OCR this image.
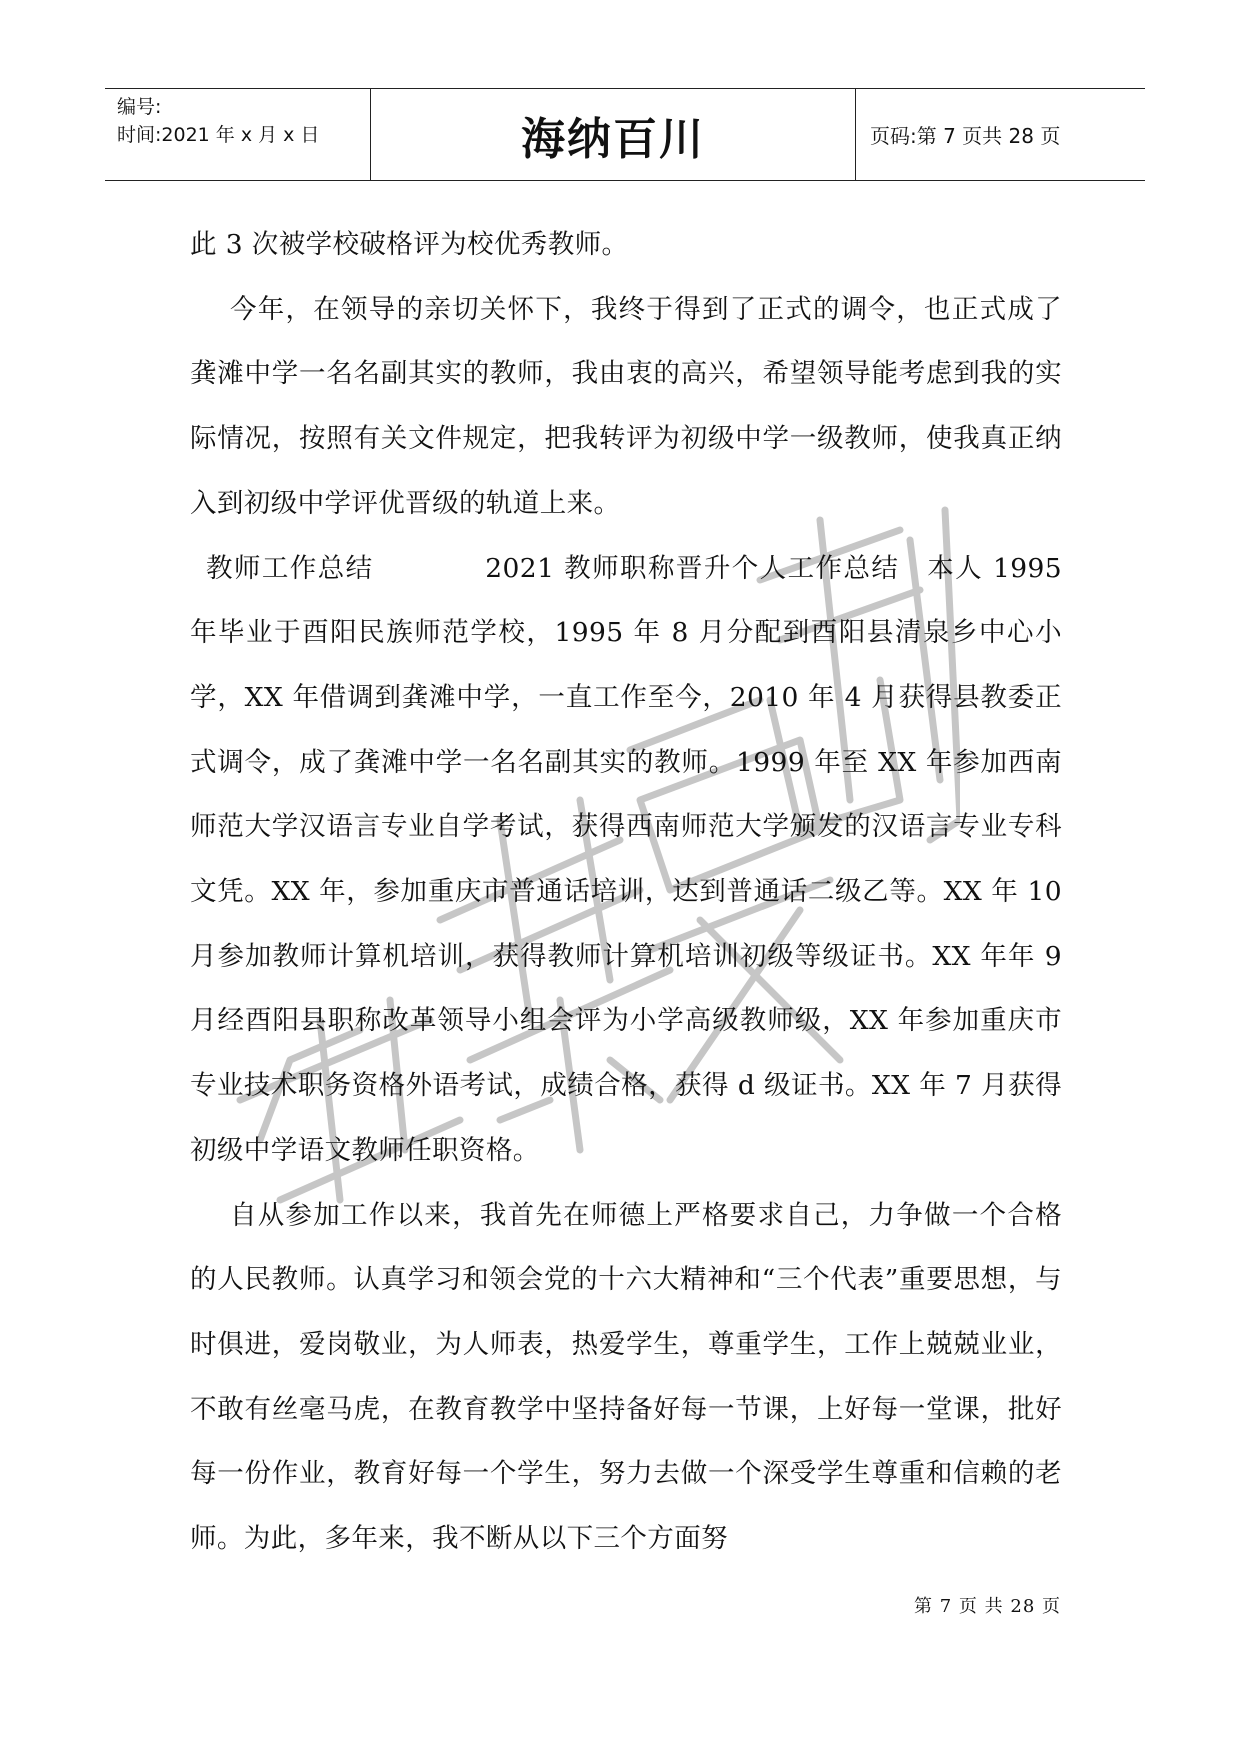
编号:
时间:2021 年 x 月 x 日	海纳百川	页码:第 7 页共 28 页

此 3 次被学校破格评为校优秀教师。

今年，在领导的亲切关怀下，我终于得到了正式的调令，也正式成了龚滩中学一名名副其实的教师，我由衷的高兴，希望领导能考虑到我的实际情况，按照有关文件规定，把我转评为初级中学一级教师，使我真正纳入到初级中学评优晋级的轨道上来。

教师工作总结　　　　2021 教师职称晋升个人工作总结　本人 1995 年毕业于酉阳民族师范学校，1995 年 8 月分配到酉阳县清泉乡中心小学，XX 年借调到龚滩中学，一直工作至今，2010 年 4 月获得县教委正式调令，成了龚滩中学一名名副其实的教师。1999 年至 XX 年参加西南师范大学汉语言专业自学考试，获得西南师范大学颁发的汉语言专业专科文凭。XX 年，参加重庆市普通话培训，达到普通话二级乙等。XX 年 10 月参加教师计算机培训，获得教师计算机培训初级等级证书。XX 年年 9 月经酉阳县职称改革领导小组会评为小学高级教师级，XX 年参加重庆市专业技术职务资格外语考试，成绩合格，获得 d 级证书。XX 年 7 月获得初级中学语文教师任职资格。

自从参加工作以来，我首先在师德上严格要求自己，力争做一个合格的人民教师。认真学习和领会党的十六大精神和“三个代表”重要思想，与时俱进，爱岗敬业，为人师表，热爱学生，尊重学生，工作上兢兢业业，不敢有丝毫马虎，在教育教学中坚持备好每一节课，上好每一堂课，批好每一份作业，教育好每一个学生，努力去做一个深受学生尊重和信赖的老师。为此，多年来，我不断从以下三个方面努

第 7 页 共 28 页
